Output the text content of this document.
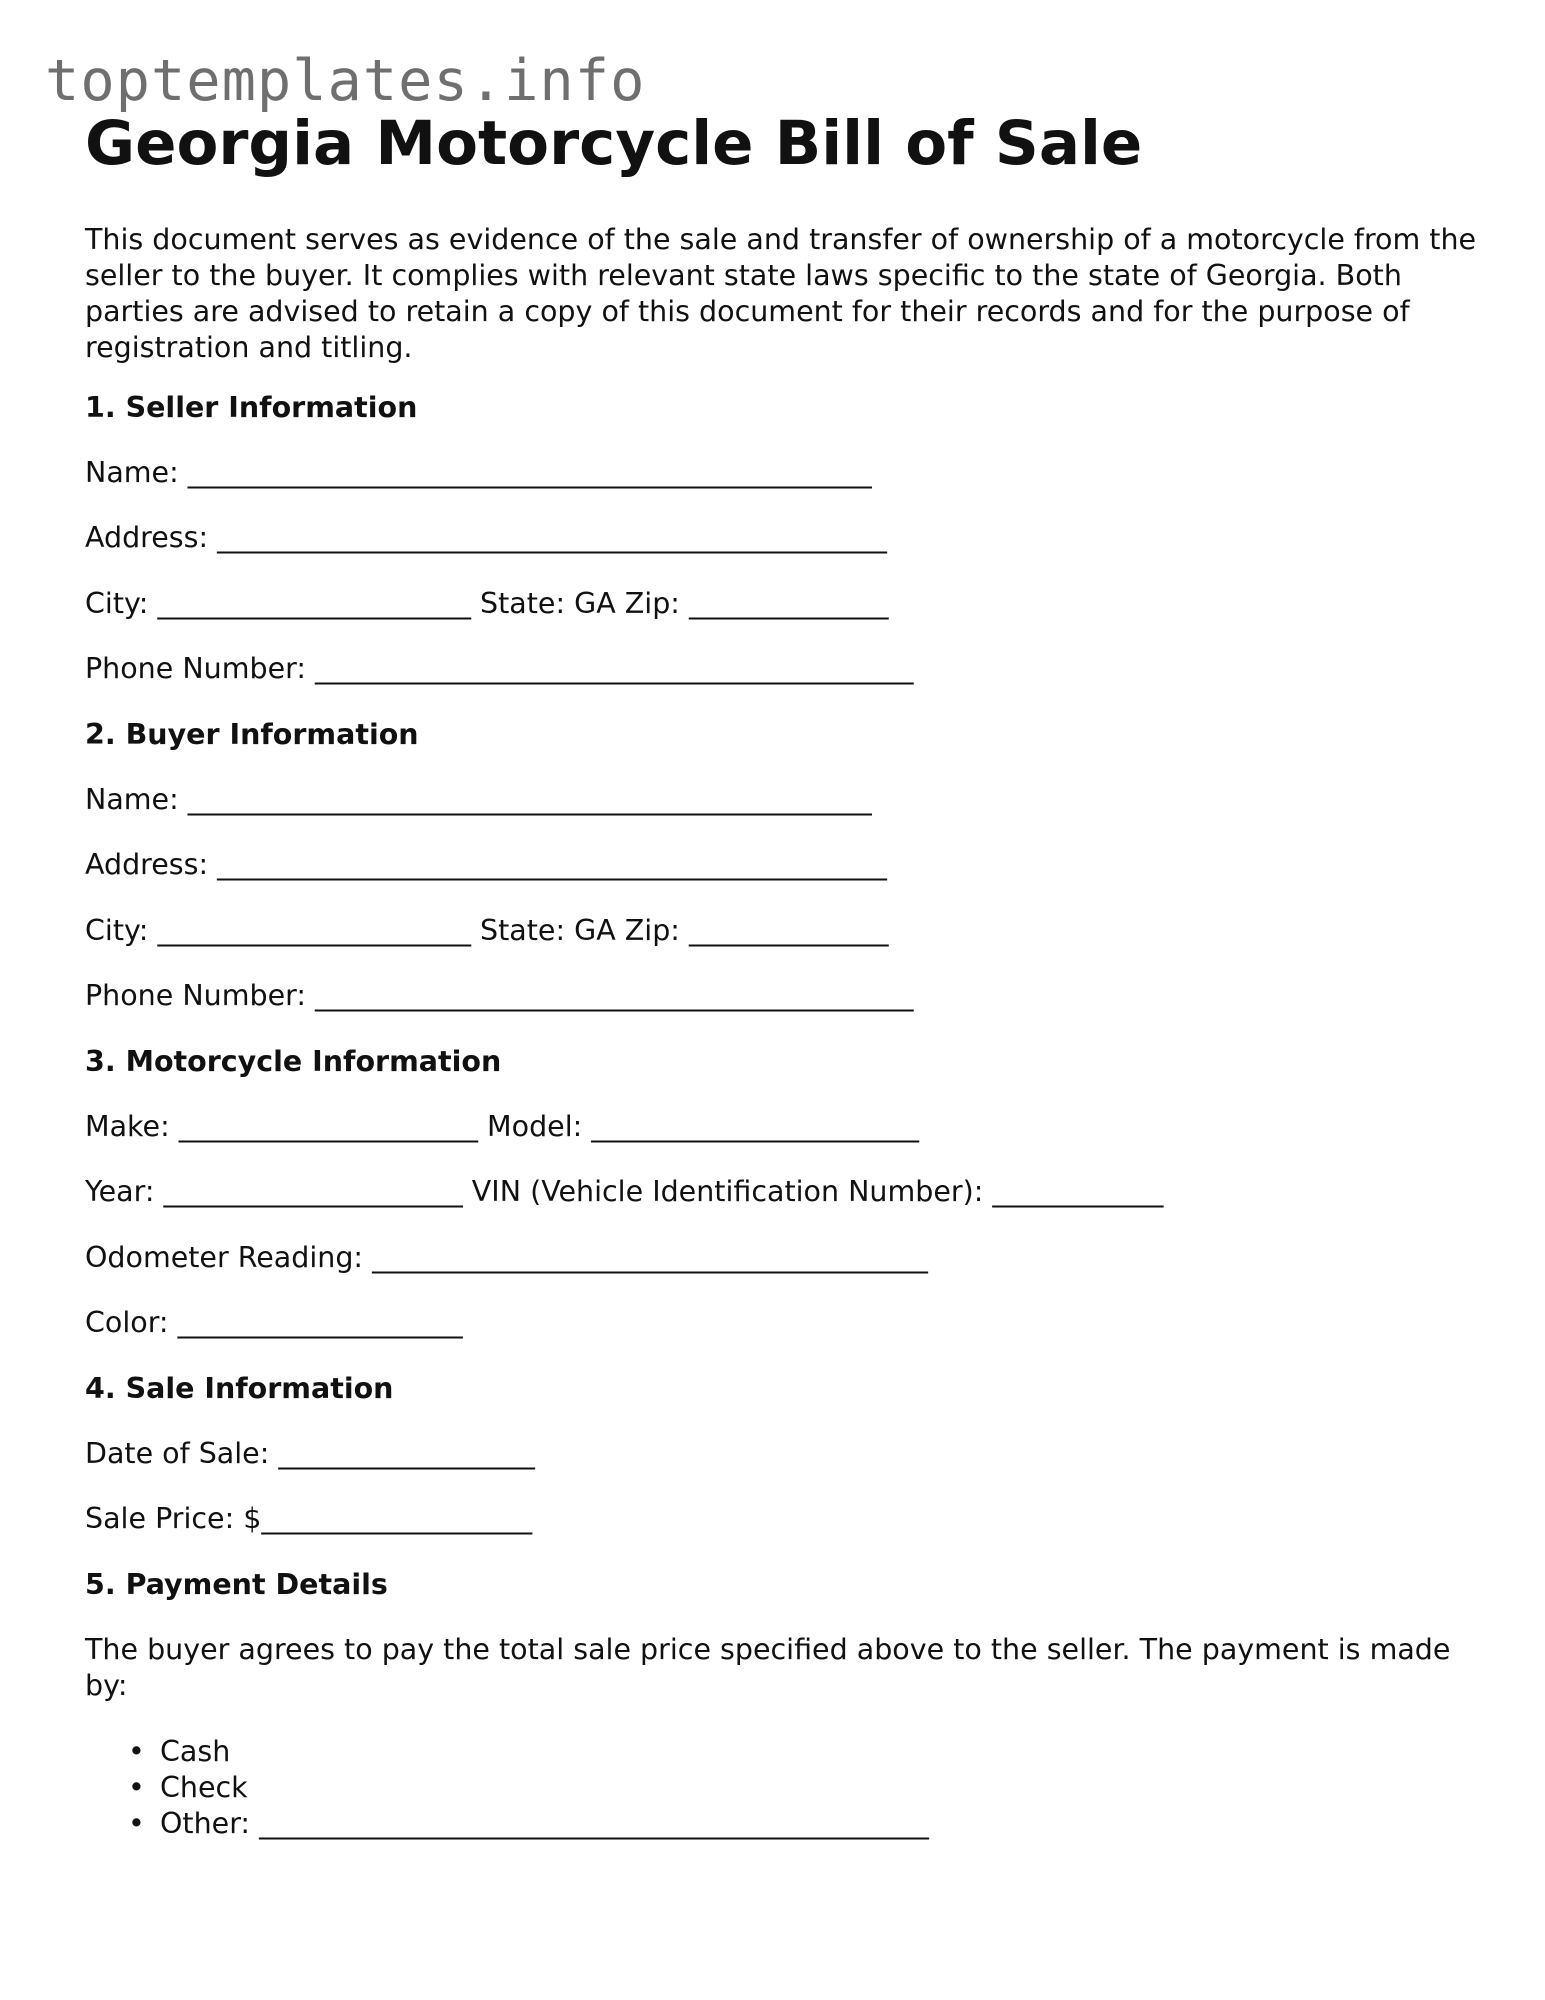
toptemplates.info
Georgia Motorcycle Bill of Sale

This document serves as evidence of the sale and transfer of ownership of a motorcycle from the seller to the buyer. It complies with relevant state laws specific to the state of Georgia. Both parties are advised to retain a copy of this document for their records and for the purpose of registration and titling.

1. Seller Information
Name: ________________________________________________
Address: _______________________________________________
City: ______________________ State: GA Zip: ______________
Phone Number: __________________________________________
2. Buyer Information
Name: ________________________________________________
Address: _______________________________________________
City: ______________________ State: GA Zip: ______________
Phone Number: __________________________________________
3. Motorcycle Information
Make: _____________________ Model: _______________________
Year: _____________________ VIN (Vehicle Identification Number): ____________
Odometer Reading: _______________________________________
Color: ____________________
4. Sale Information
Date of Sale: __________________
Sale Price: $___________________
5. Payment Details

The buyer agrees to pay the total sale price specified above to the seller. The payment is made by:

• Cash
• Check
• Other: _______________________________________________
